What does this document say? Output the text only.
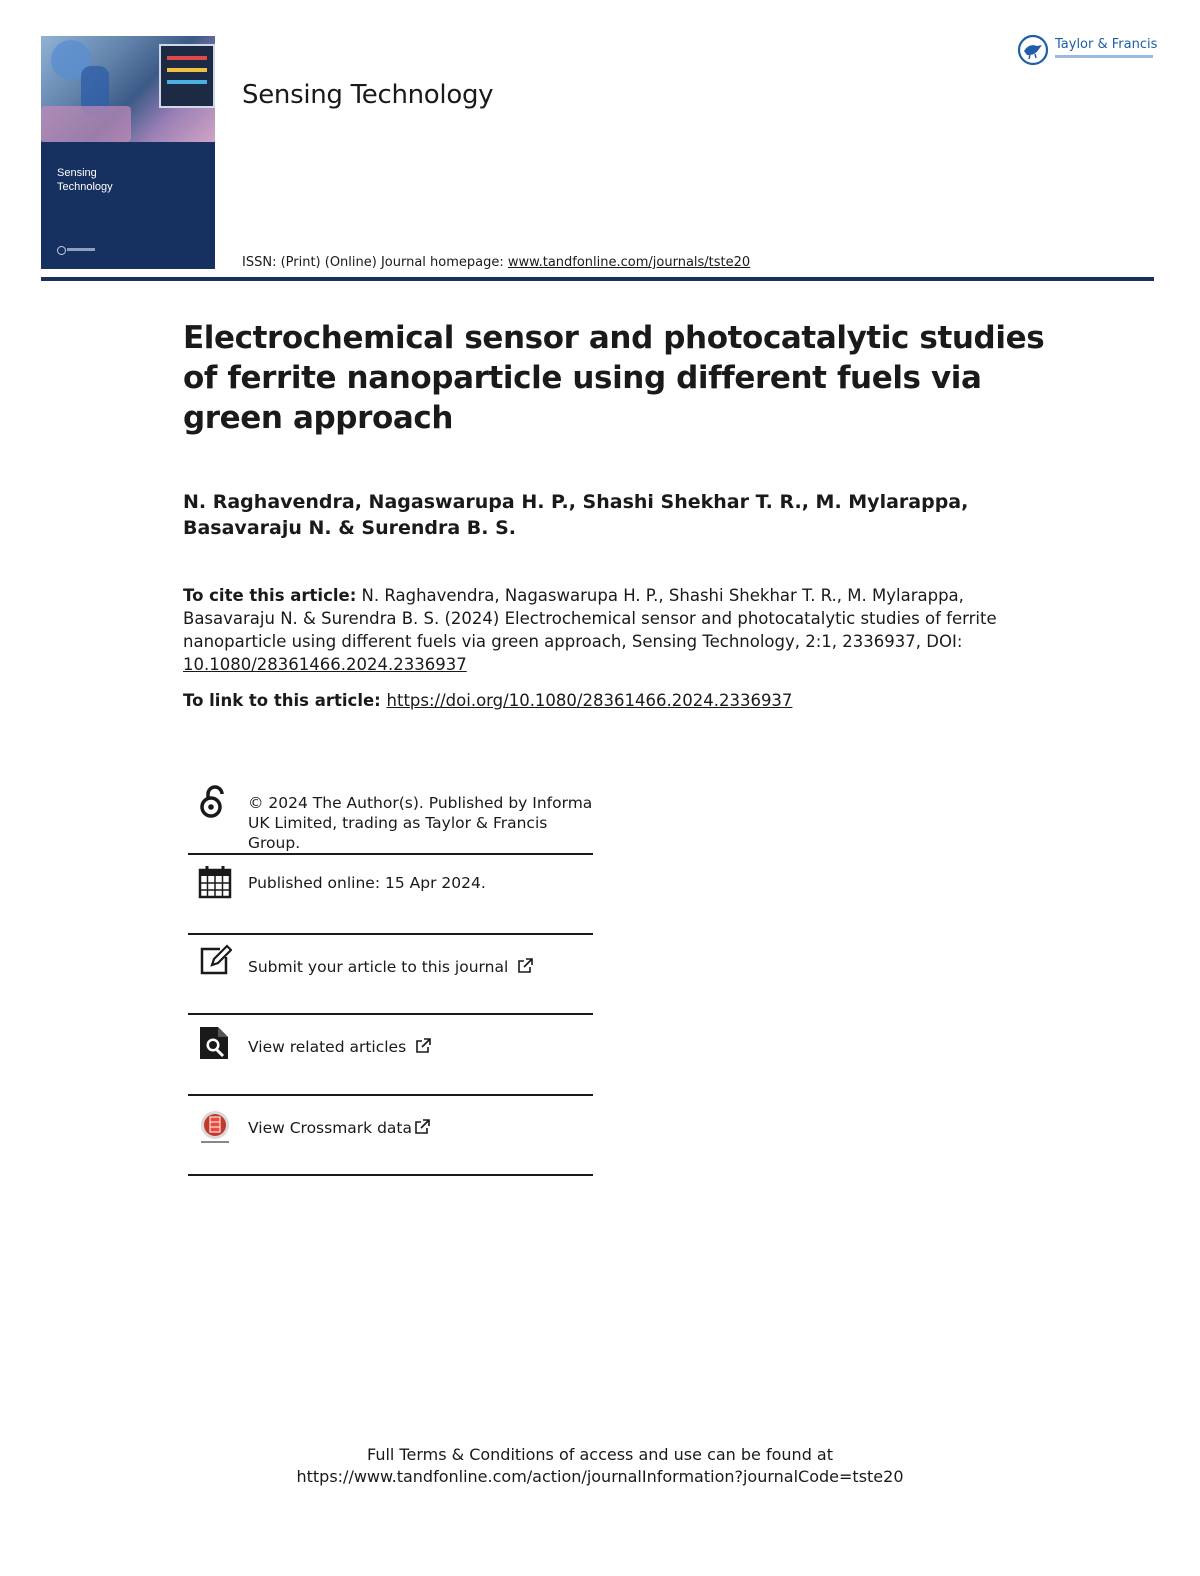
Sensing
Technology
Sensing Technology
ISSN: (Print) (Online) Journal homepage: www.tandfonline.com/journals/tste20
Taylor & Francis
Electrochemical sensor and photocatalytic studies of ferrite nanoparticle using different fuels via green approach
N. Raghavendra, Nagaswarupa H. P., Shashi Shekhar T. R., M. Mylarappa, Basavaraju N. & Surendra B. S.
To cite this article: N. Raghavendra, Nagaswarupa H. P., Shashi Shekhar T. R., M. Mylarappa, Basavaraju N. & Surendra B. S. (2024) Electrochemical sensor and photocatalytic studies of ferrite nanoparticle using different fuels via green approach, Sensing Technology, 2:1, 2336937, DOI: 10.1080/28361466.2024.2336937
To link to this article: https://doi.org/10.1080/28361466.2024.2336937
© 2024 The Author(s). Published by Informa UK Limited, trading as Taylor & Francis Group.
Published online: 15 Apr 2024.
Submit your article to this journal
View related articles
View Crossmark data
Full Terms & Conditions of access and use can be found at
https://www.tandfonline.com/action/journalInformation?journalCode=tste20
